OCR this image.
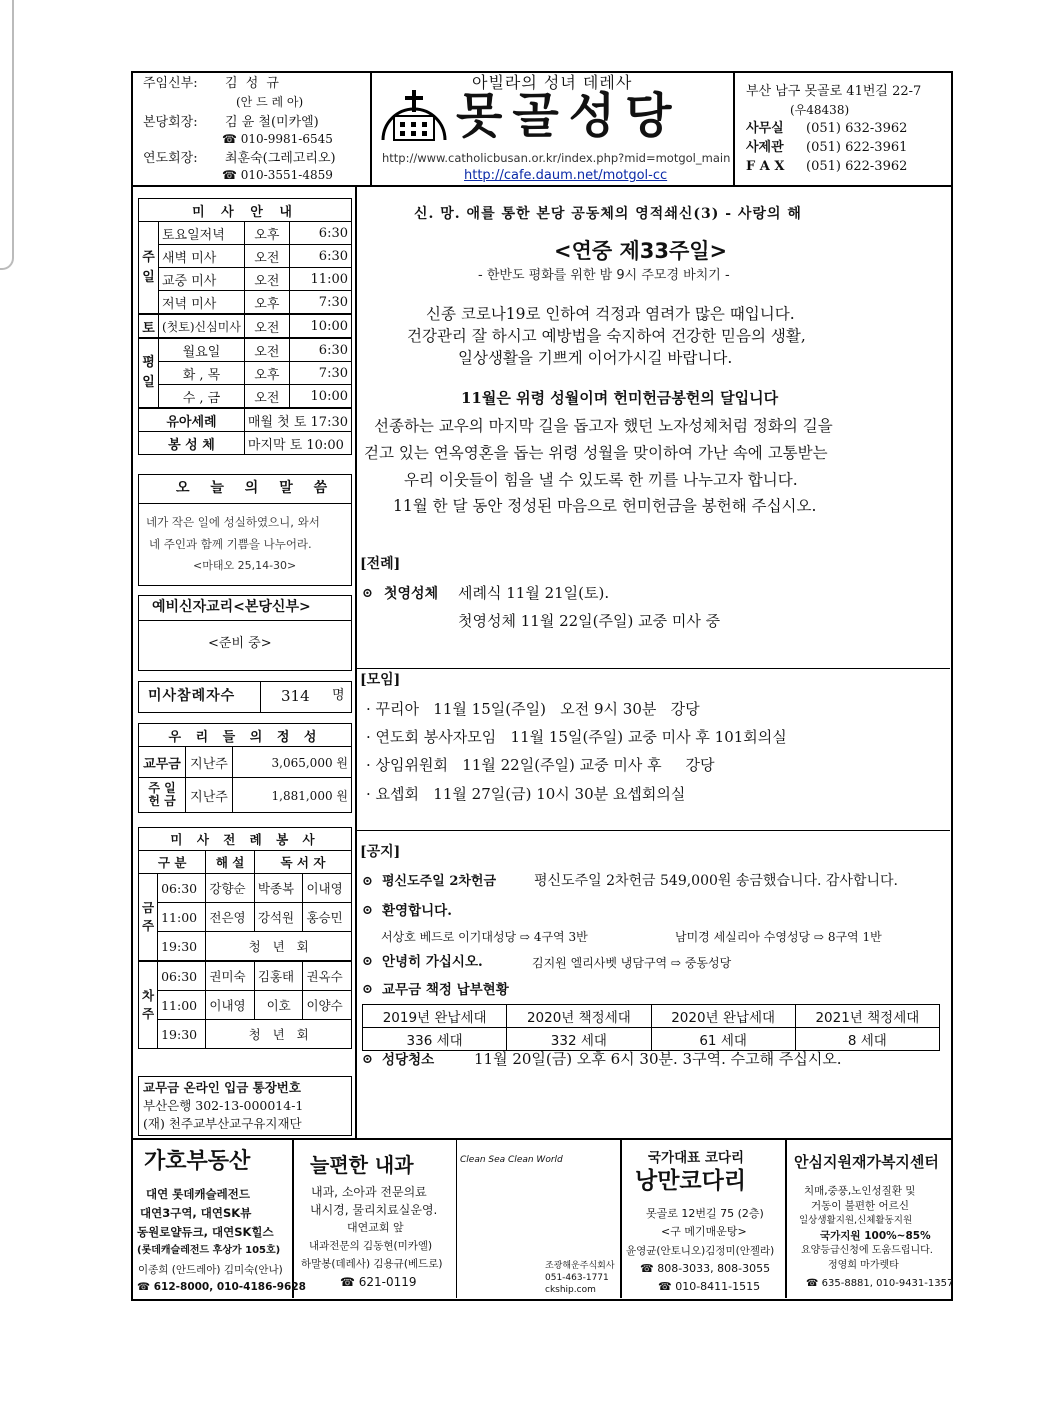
주임신부: 김 성 규
(안 드 레 아)
본당회장: 김 윤 철(미카엘)
☎ 010-9981-6545
연도회장: 최훈숙(그레고리오)
☎ 010-3551-4859
아빌라의 성녀 데레사
못골성당
http://www.catholicbusan.or.kr/index.php?mid=motgol_main
http://cafe.daum.net/motgol-cc
부산 남구 못골로 41번길 22-7
(우48438)
사무실 (051) 632-3962
사제관 (051) 622-3961
F A X (051) 622-3962
미 사 안 내			
주일	토요일저녁	오후	6:30
	새벽 미사	오전	6:30
	교중 미사	오전	11:00
	저녁 미사	오후	7:30
토	(첫토)신심미사	오전	10:00
평일	월요일	오전	6:30
	화 , 목	오후	7:30
	수 , 금	오전	10:00
유아세례		매월 첫 토 17:30	
봉 성 체		마지막 토 10:00	
오 늘 의 말 씀
네가 작은 일에 성실하였으니, 와서
네 주인과 함께 기쁨을 나누어라.
<마태오 25,14-30>
예비신자교리<본당신부>
<준비 중>
미사참례자수	314 명
우 리 들 의 정 성		
교무금	지난주	3,065,000 원
주 일 헌 금	지난주	1,881,000 원
미 사 전 례 봉 사				
구 분		해 설	독 서 자	
금주	06:30	강향순	박종복	이내영
	11:00	전은영	강석원	홍승민
	19:30	청   년   회		
차주	06:30	권미숙	김홍태	권옥수
	11:00	이내영	이호	이양수
	19:30	청   년   회		
교무금 온라인 입금 통장번호
부산은행 302-13-000014-1
(재) 천주교부산교구유지재단
신. 망. 애를 통한 본당 공동체의 영적쇄신(3) - 사랑의 해
<연중 제33주일>
- 한반도 평화를 위한 밤 9시 주모경 바치기 -
신종 코로나19로 인하여 걱정과 염려가 많은 때입니다.
건강관리 잘 하시고 예방법을 숙지하여 건강한 믿음의 생활,
일상생활을 기쁘게 이어가시길 바랍니다.
11월은 위령 성월이며 헌미헌금봉헌의 달입니다
선종하는 교우의 마지막 길을 돕고자 했던 노자성체처럼 정화의 길을
걷고 있는 연옥영혼을 돕는 위령 성월을 맞이하여 가난 속에 고통받는
우리 이웃들이 힘을 낼 수 있도록 한 끼를 나누고자 합니다.
11월 한 달 동안 정성된 마음으로 헌미헌금을 봉헌해 주십시오.
[전례]
⊙ 첫영성체 세례식 11월 21일(토).
첫영성체 11월 22일(주일) 교중 미사 중
[모임]
· 꾸리아   11월 15일(주일)   오전 9시 30분   강당
· 연도회 봉사자모임   11월 15일(주일) 교중 미사 후 101회의실
· 상임위원회   11월 22일(주일) 교중 미사 후     강당
· 요셉회   11월 27일(금) 10시 30분 요셉회의실
[공지]
⊙ 평신도주일 2차헌금	평신도주일 2차헌금 549,000원 송금했습니다. 감사합니다.
⊙ 환영합니다.
서상호 베드로 이기대성당 ⇨ 4구역 3반	남미경 세실리아 수영성당 ⇨ 8구역 1반
⊙ 안녕히 가십시오.	김지원 엘리사벳 냉담구역 ⇨ 중동성당
⊙ 교무금 책정 납부현황
2019년 완납세대	2020년 책정세대	2020년 완납세대	2021년 책정세대
336 세대	332 세대	61 세대	8 세대
⊙ 성당청소	11월 20일(금) 오후 6시 30분. 3구역. 수고해 주십시오.
가호부동산
대연 롯데캐슬레전드
대연3구역, 대연SK뷰
동원로얄듀크, 대연SK힐스
(롯데캐슬레전드 후상가 105호)
이종희 (안드레아) 김미숙(안나)
☎ 612-8000, 010-4186-9628
늘편한 내과
내과, 소아과 전문의료
내시경, 물리치료실운영.
대연교회 앞
내과전문의 김동현(미카엘)
하말봉(데레사) 김용규(베드로)
☎ 621-0119
Clean Sea Clean World
조광해운주식회사
051-463-1771
ckship.com
국가대표 코다리
낭만코다리
못골로 12번길 75 (2층)
<구 메기매운탕>
윤영균(안토니오)김정미(안젤라)
☎ 808-3033, 808-3055
☎ 010-8411-1515
안심지원재가복지센터
치매,중풍,노인성질환 및
거동이 불편한 어르신
일상생활지원,신체활동지원
국가지원 100%~85%
요양등급신청에 도움드립니다.
정영희 마가렛타
☎ 635-8881, 010-9431-1357
